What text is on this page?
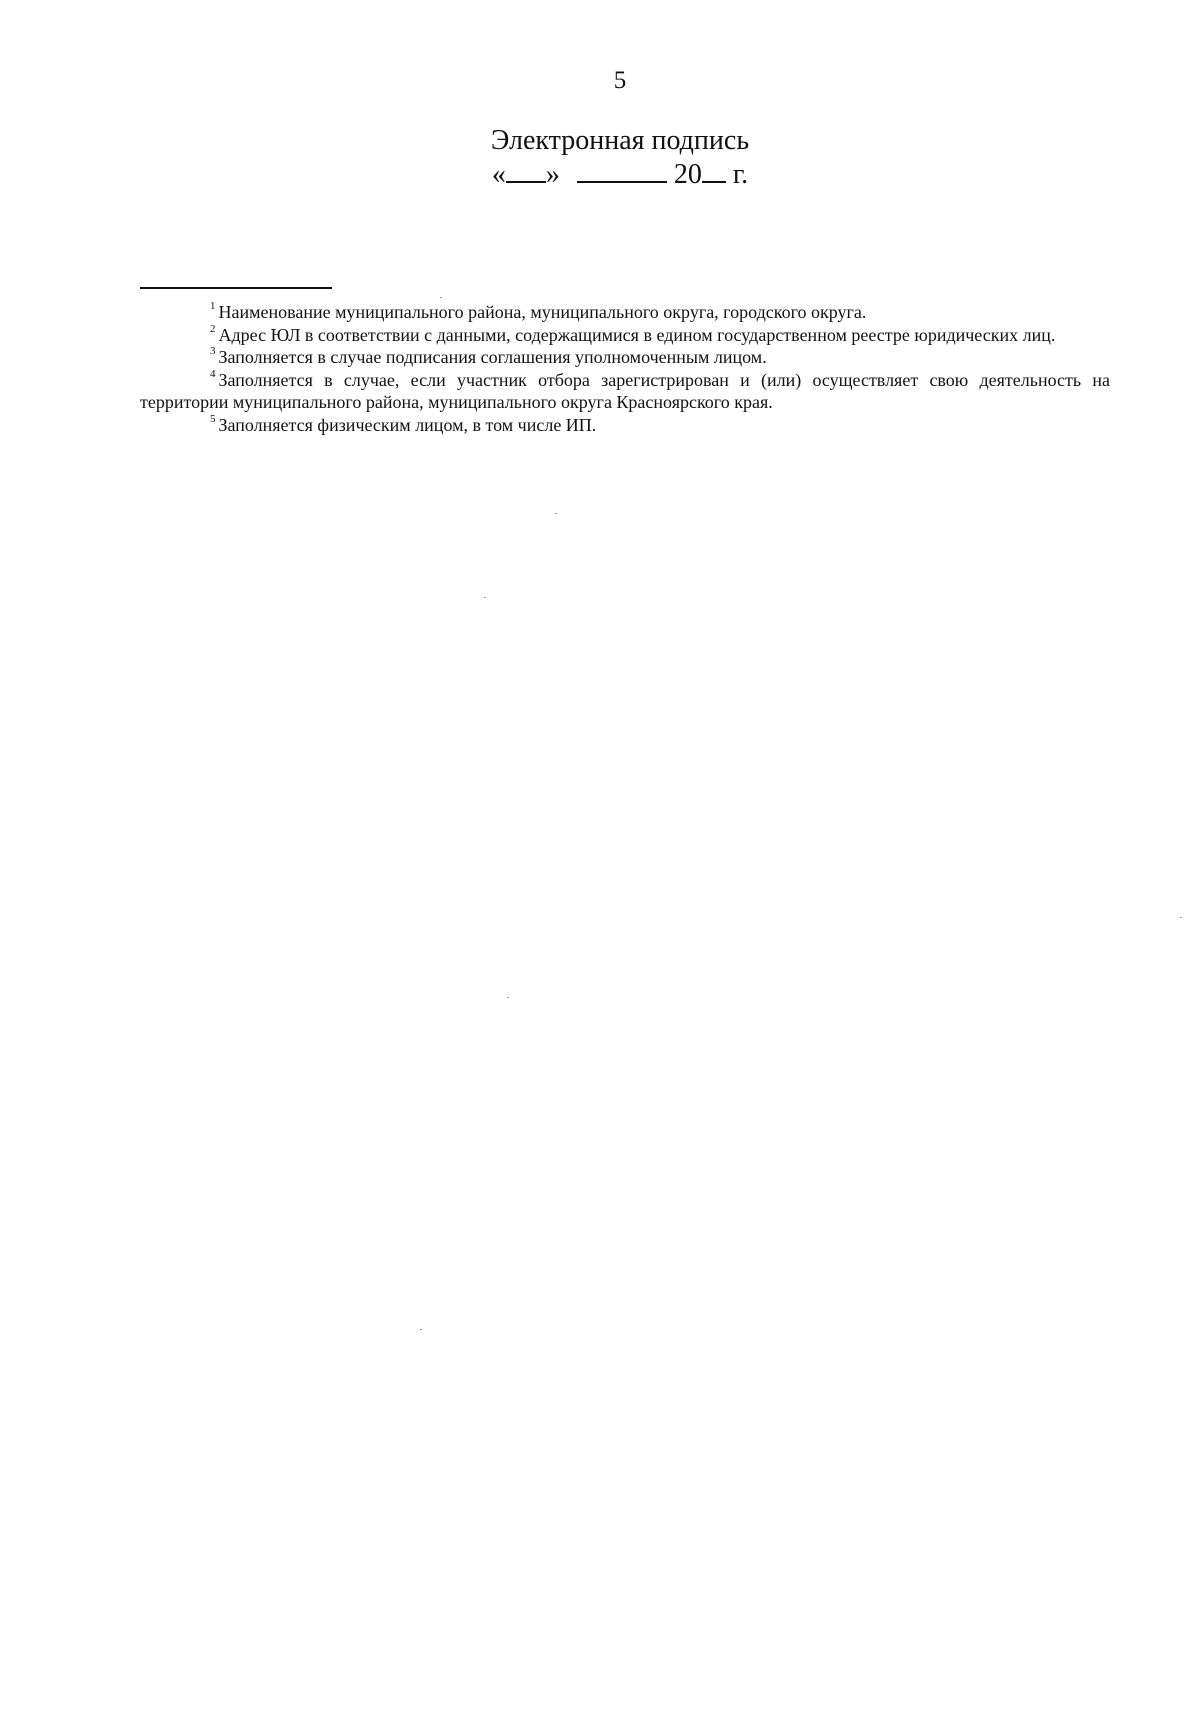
5
Электронная подпись
« »	20 г.

$^1$ Наименование муниципального района, муниципального округа, городского округа.

$^2$ Адрес ЮЛ в соответствии с данными, содержащимися в едином государственном реестре юридических лиц.

$^3$ Заполняется в случае подписания соглашения уполномоченным лицом.

$^4$ Заполняется в случае, если участник отбора зарегистрирован и (или) осуществляет свою деятельность на территории муниципального района, муниципального округа Красноярского края.

$^5$ Заполняется физическим лицом, в том числе ИП.
